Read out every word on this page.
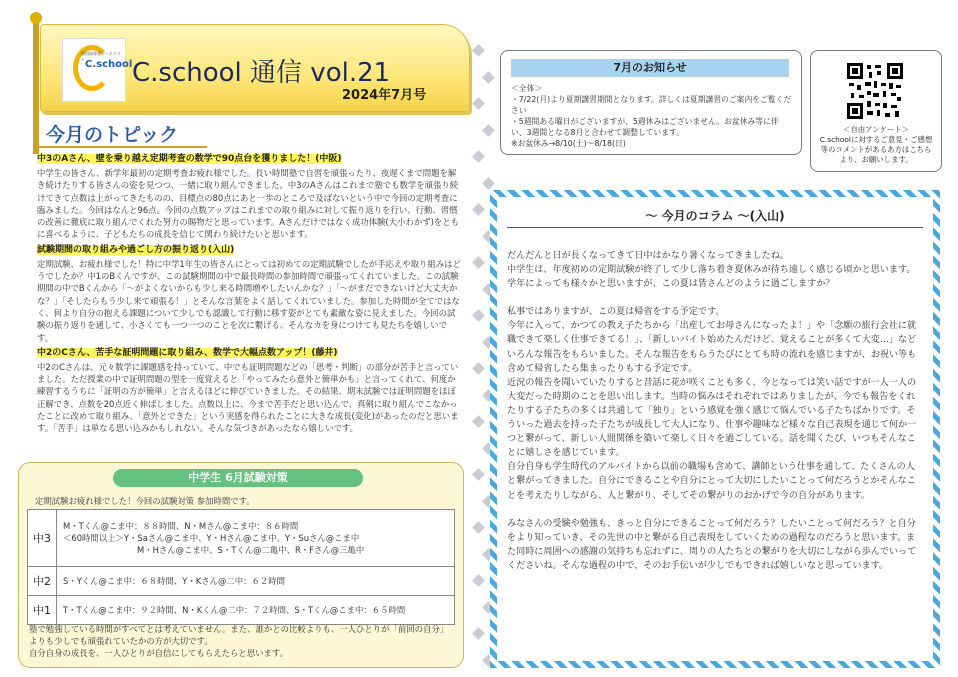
個別指導塾シーネクスト C.school C.school 通信 vol.21
2024年7月号
今月のトピック
中3のAさん、壁を乗り越え定期考査の数学で90点台を獲りました！(中阪)

中学生の皆さん、新学年最初の定期考査お疲れ様でした。長い時間塾で自習を頑張ったり、夜遅くまで問題を解き続けたりする皆さんの姿を見つつ、一緒に取り組んできました。中3のAさんはこれまで塾でも数学を頑張り続けてきて点数は上がってきたものの、目標点の80点にあと一歩のところで及ばないという中で今回の定期考査に臨みました。今回はなんと96点。今回の点数アップはこれまでの取り組みに対して振り返りを行い、行動、習慣の改善に徹底に取り組んでくれた努力の賜物だと思っています。Aさんだけではなく成功体験(大小わかず)をともに喜べるように、子どもたちの成長を信じて関わり続けたいと思います。

試験期間の取り組みや過ごし方の振り返り(入山)

定期試験、お疲れ様でした！特に中学1年生の皆さんにとっては初めての定期試験でしたが手応えや取り組みはどうでしたか？中1のBくんですが、この試験期間の中で最長時間の参加時間で頑張ってくれていました。この試験期間の中でBくんから「～がよくないからも少し来る時間増やしたいんかな？」「～がまだできないけど大丈夫かな？」「そしたらもう少し来て頑張る！」とそんな言葉をよく話してくれていました。参加した時間が全てではなく、何より自分の抱える課題について少しでも認識して行動に移す姿がとても素敵な姿に見えました。今回の試験の振り返りを通して、小さくても一つ一つのことを次に繋げる、そんなカを身につけても見たちを嬉しいです。

中2のCさん、苦手な証明問題に取り組み、数学で大幅点数アップ！(藤井)

中2のCさんは、元々数学に課題感を持っていて、中でも証明問題などの「思考・判断」の部分が苦手と言っていました。ただ授業の中で証明問題の型を一度覚えると「やってみたら意外と簡単かも」と言ってくれて、何度か練習するうちに「証明の方が簡単」と言えるほどに伸びていきました。その結果、期末試験では証明問題をほぼ正解でき、点数を20点近く伸ばしました。点数以上に、今まで苦手だと思い込んで、真剣に取り組んでこなかったことに改めて取り組み、「意外とできた」という実感を得られたことに大きな成長(変化)があったのだと思います。「苦手」は単なる思い込みかもしれない。そんな気づきがあったなら嬉しいです。

中学生 6月試験対策
定期試験お疲れ様でした！今回の試験対策 参加時間です。
中3	M・Tくん@こま中：８８時間、N・Mさん@こま中：８６時間
＜60時間以上＞Y・Saさん@こま中、Y・Hさん@こま中、Y・Suさん@こま中
M・Hさん@こま中、S・Tくん@二亀中、R・Fさん@三亀中

中2	S・Yくん@こま中：６８時間、Y・Kさん@二中：６２時間

中1	T・Tくん@こま中：９２時間、N・Kくん@二中：７２時間、S・Tくん@こま中：６５時間
塾で勉強している時間がすべてとは考えていません。また、誰かとの比較よりも、一人ひとりが「前回の自分」よりも少しでも頑張れていたかの方が大切です。
自分自身の成長を、一人ひとりが自信にしてもらえたらと思います。
7月のお知らせ
＜全体＞
・7/22(月)より夏期講習期間となります。詳しくは夏期講習のご案内をご覧ください
・5週間ある曜日がございますが、5週休みはございません。お盆休み等に伴い、3週間となる8月と合わせて調整しています。
※お盆休み→8/10(土)〜8/18(日)
＜自由アンケート＞
C.schoolに対するご意見・ご感想等のコメントがあるあ方はこちらより、お願いします。
～ 今月のコラム ～(入山)

だんだんと日が長くなってきて日中はかなり暑くなってきましたね。
中学生は、年度初めの定期試験が終了して少し落ち着き夏休みが待ち遠しく感じる頃かと思います。学年によっても様々かと思いますが、この夏は皆さんどのように過ごしますか？

私事ではありますが、この夏は帰省をする予定です。
今年に入って、かつての教え子たちから「出産してお母さんになったよ！」や「念願の旅行会社に就職できて楽しく仕事できてる！」、「新しいバイト始めたんだけど、覚えることが多くて大変…」などいろんな報告をもらいました。そんな報告をもらうたびにとても時の流れを感じますが、お祝い等も含めて帰省したら集まったりもする予定です。
近況の報告を聞いていたりすると昔話に花が咲くことも多く、今となっては笑い話ですが一人一人の大変だった時期のことを思い出します。当時の悩みはそれぞれではありましたが、今でも報告をくれたりする子たちの多くは共通して「独り」という感覚を強く感じて悩んでいる子たちばかりです。そういった過去を持った子たちが成長して大人になり、仕事や趣味など様々な自己表現を通じて何か一つと繋がって、新しい人間関係を築いて楽しく日々を過ごしている。話を聞くたび、いつもそんなことに嬉しさを感じています。
自分自身も学生時代のアルバイトから以前の職場も含めて、講師という仕事を通して、たくさんの人と繋がってきました。自分にできることや自分にとって大切にしたいことって何だろうとかそんなことを考えたりしながら、人と繋がり、そしてその繋がりのおかげで今の自分があります。

みなさんの受験や勉強も、きっと自分にできることって何だろう？したいことって何だろう？と自分をより知っていき、その先世の中と繋がる自己表現をしていくための過程なのだろうと思います。また同時に周囲への感謝の気持ちも忘れずに、周りの人たちとの繋がりを大切にしながら歩んでいってくださいね。そんな過程の中で、そのお手伝いが少しでもできれば嬉しいなと思っています。
